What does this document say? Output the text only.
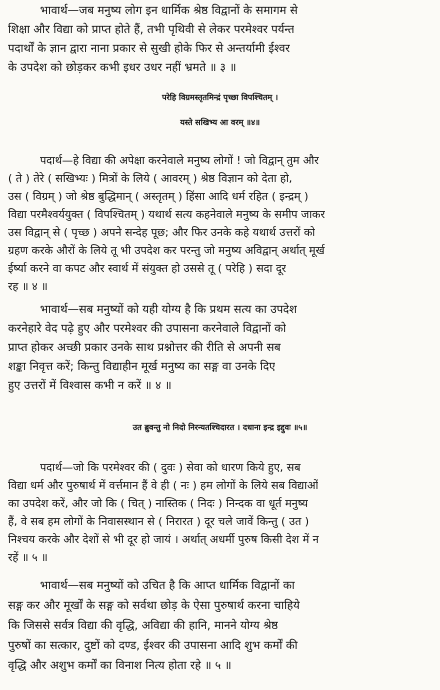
भावार्थ—जब मनुष्य लोग इन धार्मिक श्रेष्ठ विद्वानों के समागम से
शिक्षा और विद्या को प्राप्त होते हैं, तभी पृथिवी से लेकर परमेश्वर पर्यन्त
पदार्थों के ज्ञान द्वारा नाना प्रकार से सुखी होके फिर से अन्तर्यामी ईश्वर
के उपदेश को छोड़कर कभी इधर उधर नहीं भ्रमते ॥ ३ ॥
परेहि विग्रमस्तृतमिन्द्रं पृच्छा विपश्चितम् ।
यस्ते सखिभ्य आ वरम् ॥४॥
पदार्थ—हे विद्या की अपेक्षा करनेवाले मनुष्य लोगों ! जो विद्वान् तुम और
( ते ) तेरे ( सखिभ्यः ) मित्रों के लिये ( आवरम् ) श्रेष्ठ विज्ञान को देता हो,
उस ( विग्रम् ) जो श्रेष्ठ बुद्धिमान् ( अस्तृतम् ) हिंसा आदि धर्म रहित ( इन्द्रम् )
विद्या परमैश्वर्ययुक्त ( विपश्चितम् ) यथार्थ सत्य कहनेवाले मनुष्य के समीप जाकर
उस विद्वान् से ( पृच्छ ) अपने सन्देह पूछ; और फिर उनके कहे यथार्थ उत्तरों को
ग्रहण करके औरों के लिये तू भी उपदेश कर परन्तु जो मनुष्य अविद्वान् अर्थात् मूर्ख
ईर्ष्या करने वा कपट और स्वार्थ में संयुक्त हो उससे तू ( परेहि ) सदा दूर
रह ॥ ४ ॥
भावार्थ—सब मनुष्यों को यही योग्य है कि प्रथम सत्य का उपदेश
करनेहारे वेद पढ़े हुए और परमेश्वर की उपासना करनेवाले विद्वानों को
प्राप्त होकर अच्छी प्रकार उनके साथ प्रश्नोत्तर की रीति से अपनी सब
शङ्का निवृत्त करें; किन्तु विद्याहीन मूर्ख मनुष्य का सङ्ग वा उनके दिए
हुए उत्तरों में विश्वास कभी न करें ॥ ४ ॥
उत ब्रुवन्तु नो निदो निरन्यतश्चिदारत । दधाना इन्द्र इद्दुवः ॥५॥
पदार्थ—जो कि परमेश्वर की ( दुवः ) सेवा को धारण किये हुए, सब
विद्या धर्म और पुरुषार्थ में वर्त्तमान हैं वे ही ( नः ) हम लोगों के लिये सब विद्याओं
का उपदेश करें, और जो कि ( चित् ) नास्तिक ( निदः ) निन्दक वा धूर्त मनुष्य
हैं, वे सब हम लोगों के निवासस्थान से ( निरारत ) दूर चले जावें किन्तु ( उत )
निश्चय करके और देशों से भी दूर हो जायं । अर्थात् अधर्मी पुरुष किसी देश में न
रहें ॥ ५ ॥
भावार्थ—सब मनुष्यों को उचित है कि आप्त धार्मिक विद्वानों का
सङ्ग कर और मूर्खों के सङ्ग को सर्वथा छोड़ के ऐसा पुरुषार्थ करना चाहिये
कि जिससे सर्वत्र विद्या की वृद्धि, अविद्या की हानि, मानने योग्य श्रेष्ठ
पुरुषों का सत्कार, दुष्टों को दण्ड, ईश्वर की उपासना आदि शुभ कर्मों की
वृद्धि और अशुभ कर्मों का विनाश नित्य होता रहे ॥ ५ ॥
